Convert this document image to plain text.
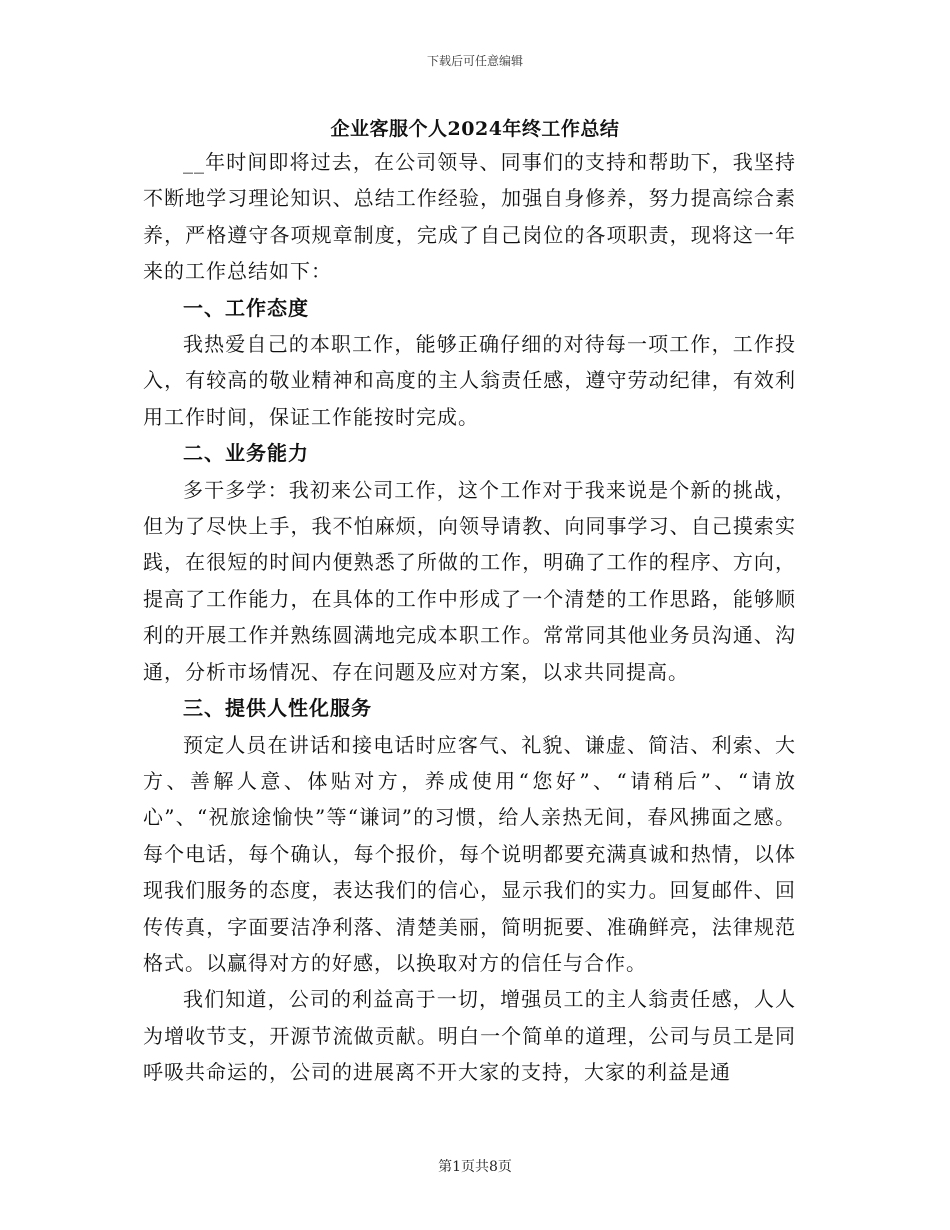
下载后可任意编辑
企业客服个人2024年终工作总结

__年时间即将过去，在公司领导、同事们的支持和帮助下，我坚持不断地学习理论知识、总结工作经验，加强自身修养，努力提高综合素养，严格遵守各项规章制度，完成了自己岗位的各项职责，现将这一年来的工作总结如下：

一、工作态度

我热爱自己的本职工作，能够正确仔细的对待每一项工作，工作投入，有较高的敬业精神和高度的主人翁责任感，遵守劳动纪律，有效利用工作时间，保证工作能按时完成。

二、业务能力

多干多学：我初来公司工作，这个工作对于我来说是个新的挑战，但为了尽快上手，我不怕麻烦，向领导请教、向同事学习、自己摸索实践，在很短的时间内便熟悉了所做的工作，明确了工作的程序、方向，提高了工作能力，在具体的工作中形成了一个清楚的工作思路，能够顺利的开展工作并熟练圆满地完成本职工作。常常同其他业务员沟通、沟通，分析市场情况、存在问题及应对方案，以求共同提高。

三、提供人性化服务

预定人员在讲话和接电话时应客气、礼貌、谦虚、简洁、利索、大方、善解人意、体贴对方，养成使用“您好”、“请稍后”、“请放心”、“祝旅途愉快”等“谦词”的习惯，给人亲热无间，春风拂面之感。每个电话，每个确认，每个报价，每个说明都要充满真诚和热情，以体现我们服务的态度，表达我们的信心，显示我们的实力。回复邮件、回传传真，字面要洁净利落、清楚美丽，简明扼要、准确鲜亮，法律规范格式。以赢得对方的好感，以换取对方的信任与合作。

我们知道，公司的利益高于一切，增强员工的主人翁责任感，人人为增收节支，开源节流做贡献。明白一个简单的道理，公司与员工是同呼吸共命运的，公司的进展离不开大家的支持，大家的利益是通

第1页共8页
